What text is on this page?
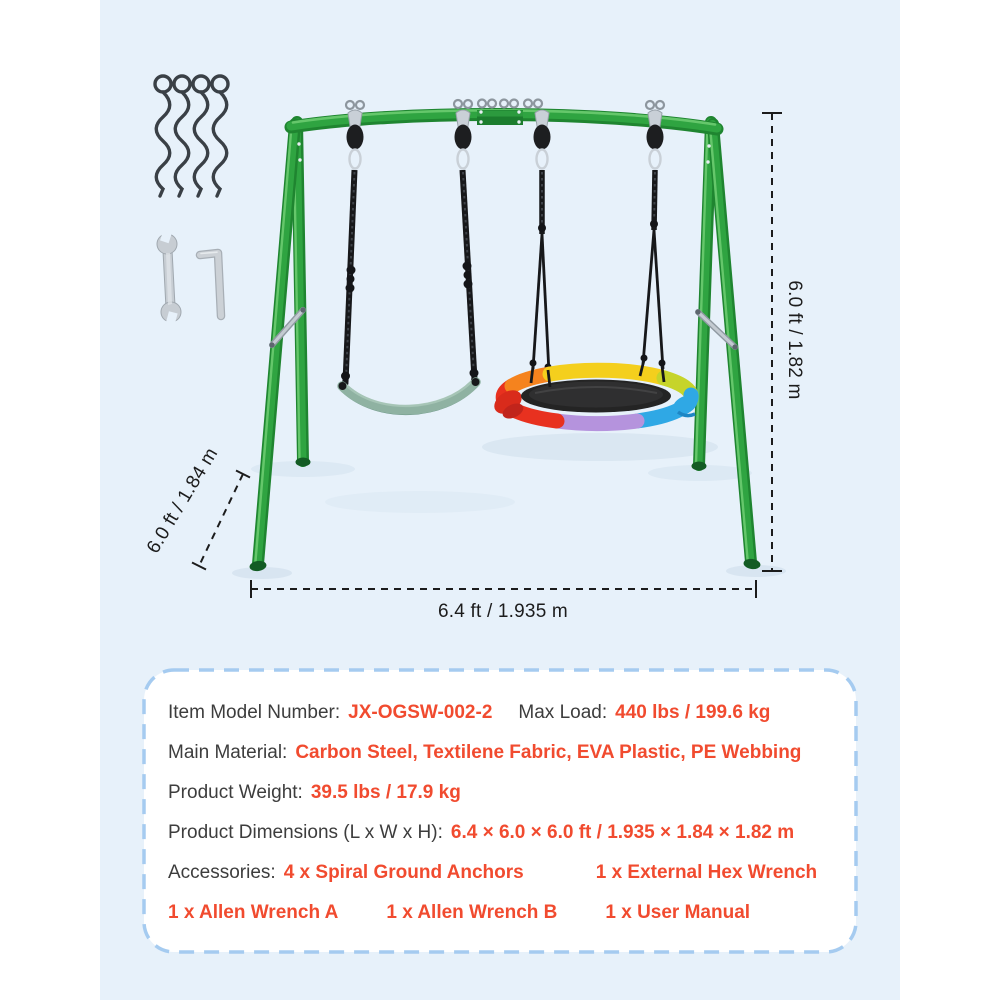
6.0 ft / 1.82 m
6.0 ft / 1.84 m
6.4 ft / 1.935 m
Item Model Number: JX-OGSW-002-2 Max Load: 440 lbs / 199.6 kg
Main Material: Carbon Steel, Textilene Fabric, EVA Plastic, PE Webbing
Product Weight: 39.5 lbs / 17.9 kg
Product Dimensions (L x W x H): 6.4 × 6.0 × 6.0 ft / 1.935 × 1.84 × 1.82 m
Accessories: 4 x Spiral Ground Anchors	1 x External Hex Wrench
1 x Allen Wrench A	1 x Allen Wrench B	1 x User Manual
